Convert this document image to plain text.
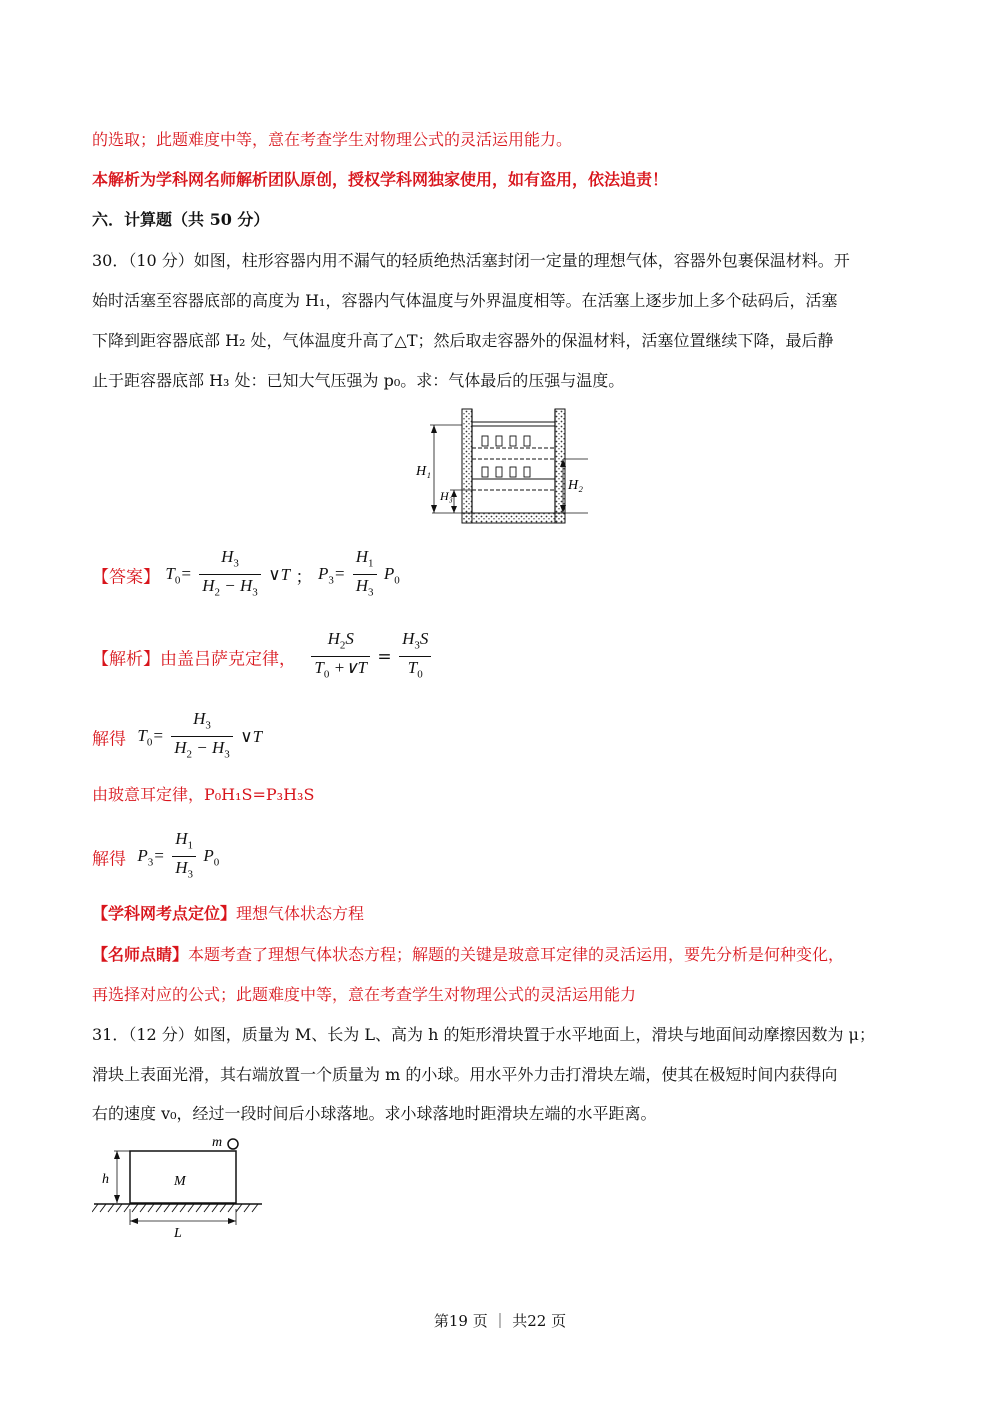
的选取；此题难度中等，意在考查学生对物理公式的灵活运用能力。
本解析为学科网名师解析团队原创，授权学科网独家使用，如有盗用，依法追责！
六．计算题（共 50 分）
30．（10 分）如图，柱形容器内用不漏气的轻质绝热活塞封闭一定量的理想气体，容器外包裹保温材料。开
始时活塞至容器底部的高度为 H₁，容器内气体温度与外界温度相等。在活塞上逐步加上多个砝码后，活塞
下降到距容器底部 H₂ 处，气体温度升高了△T；然后取走容器外的保温材料，活塞位置继续下降，最后静
止于距容器底部 H₃ 处：已知大气压强为 p₀。求：气体最后的压强与温度。
H₁
H₃
H₂
【答案】 $T_0= \frac{H_3}{H_2 - H_3}$ ∨T ； $P_3= \frac{H_1}{H_3} P_0$
【解析】由盖吕萨克定律， $\frac{H_2S}{T_0 +\vee T} = \frac{H_3S}{T_0}$
解得 $T_0= \frac{H_3}{H_2 - H_3}$ ∨T
由玻意耳定律，P₀H₁S=P₃H₃S
解得 $P_3= \frac{H_1}{H_3} P_0$
【学科网考点定位】理想气体状态方程
【名师点睛】本题考查了理想气体状态方程；解题的关键是玻意耳定律的灵活运用，要先分析是何种变化，
再选择对应的公式；此题难度中等，意在考查学生对物理公式的灵活运用能力
31．（12 分）如图，质量为 M、长为 L、高为 h 的矩形滑块置于水平地面上，滑块与地面间动摩擦因数为 μ；
滑块上表面光滑，其右端放置一个质量为 m 的小球。用水平外力击打滑块左端，使其在极短时间内获得向
右的速度 v₀，经过一段时间后小球落地。求小球落地时距滑块左端的水平距离。
m
M
h
L
第19 页 ｜ 共22 页
